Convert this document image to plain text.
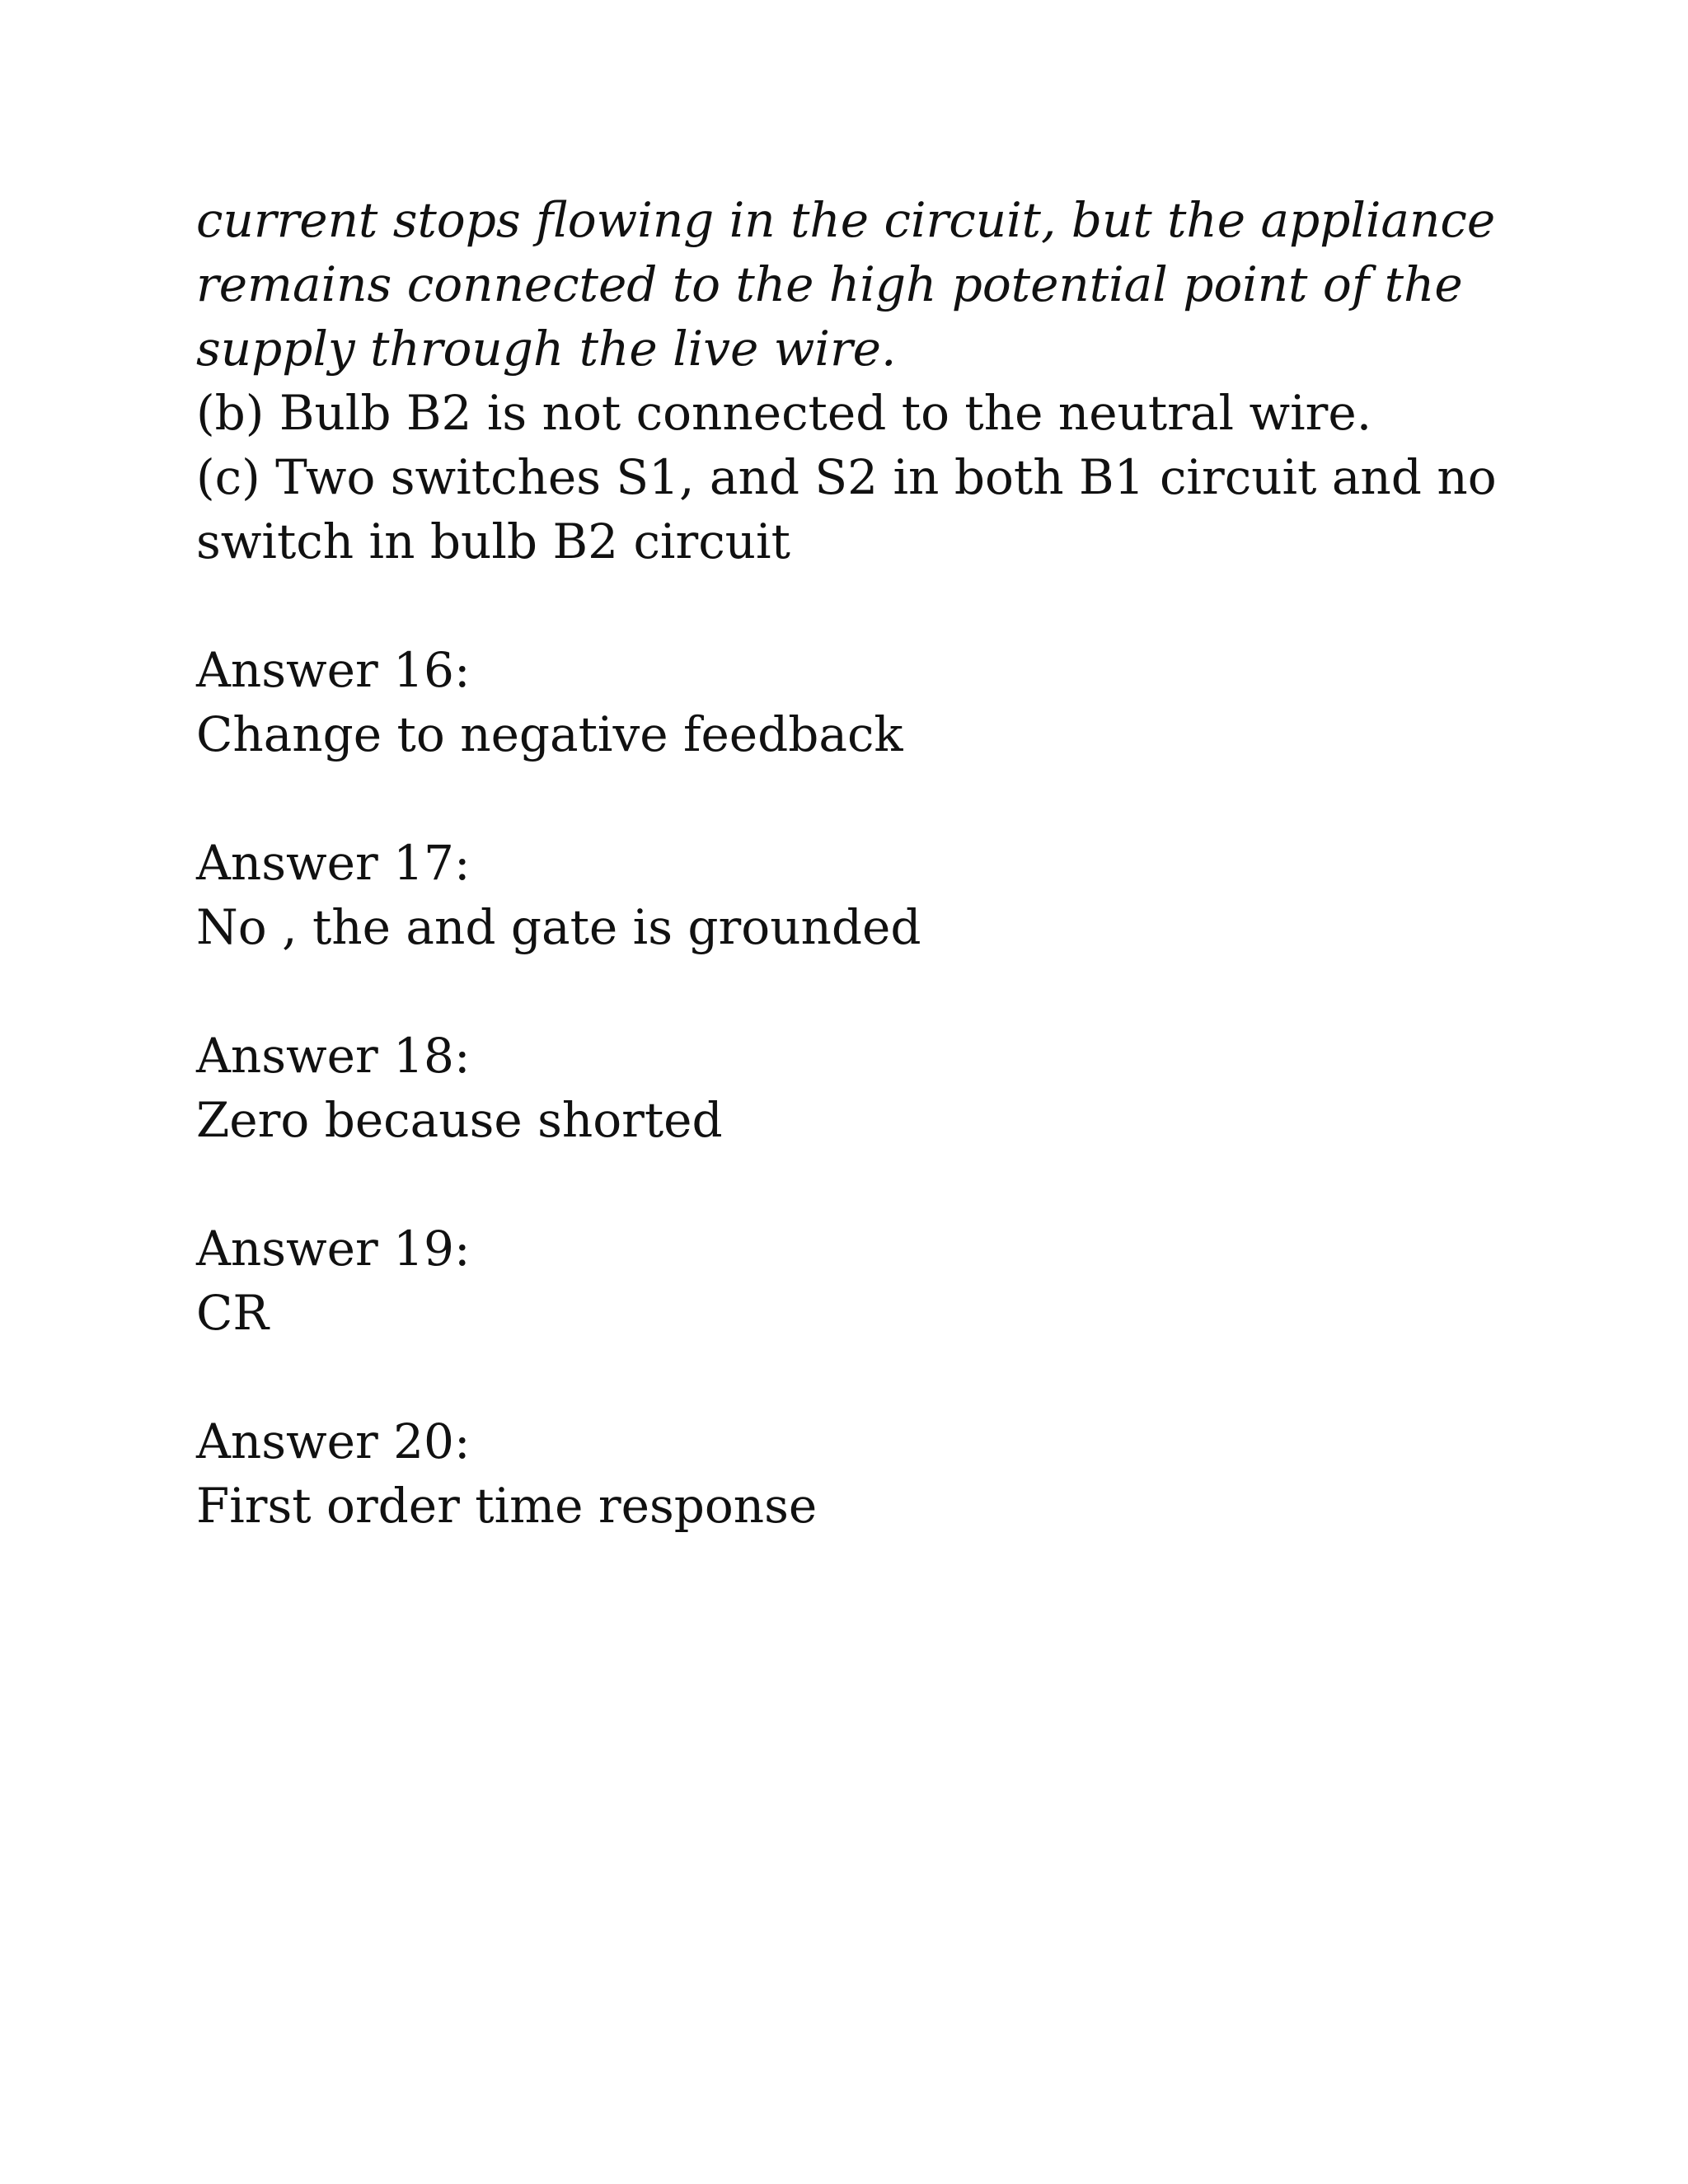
current stops flowing in the circuit, but the appliance
remains connected to the high potential point of the
supply through the live wire.
(b) Bulb B2 is not connected to the neutral wire.
(c) Two switches S1, and S2 in both B1 circuit and no
switch in bulb B2 circuit
Answer 16:
Change to negative feedback
Answer 17:
No , the and gate is grounded
Answer 18:
Zero because shorted
Answer 19:
CR
Answer 20:
First order time response
